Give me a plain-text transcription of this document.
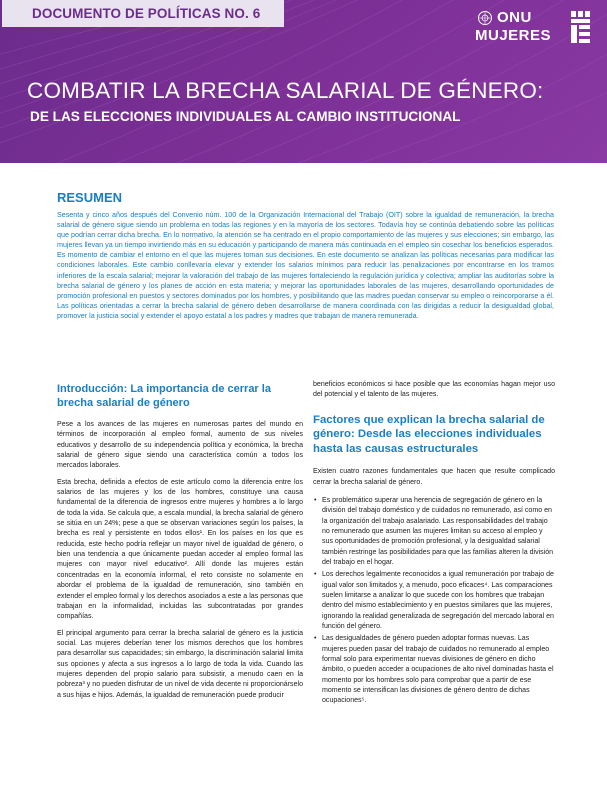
DOCUMENTO DE POLÍTICAS NO. 6	ONU
MUJERES
COMBATIR LA BRECHA SALARIAL DE GÉNERO:
DE LAS ELECCIONES INDIVIDUALES AL CAMBIO INSTITUCIONAL
RESUMEN

Sesenta y cinco años después del Convenio núm. 100 de la Organización Internacional del Trabajo (OIT) sobre la igualdad de remuneración, la brecha salarial de género sigue siendo un problema en todas las regiones y en la mayoría de los sectores. Todavía hoy se continúa debatiendo sobre las políticas que podrían cerrar dicha brecha. En lo normativo, la atención se ha centrado en el propio comportamiento de las mujeres y sus elecciones; sin embargo, las mujeres llevan ya un tiempo invirtiendo más en su educación y participando de manera más continuada en el empleo sin cosechar los beneficios esperados. Es momento de cambiar el entorno en el que las mujeres toman sus decisiones. En este documento se analizan las políticas necesarias para modificar las condiciones laborales. Este cambio conllevaría elevar y extender los salarios mínimos para reducir las penalizaciones por encontrarse en los tramos inferiores de la escala salarial; mejorar la valoración del trabajo de las mujeres fortaleciendo la regulación jurídica y colectiva; ampliar las auditorías sobre la brecha salarial de género y los planes de acción en esta materia; y mejorar las oportunidades laborales de las mujeres, desarrollando oportunidades de promoción profesional en puestos y sectores dominados por los hombres, y posibilitando que las madres puedan conservar su empleo o reincorporarse a él. Las políticas orientadas a cerrar la brecha salarial de género deben desarrollarse de manera coordinada con las dirigidas a reducir la desigualdad global, promover la justicia social y extender el apoyo estatal a los padres y madres que trabajan de manera remunerada.

Introducción: La importancia de cerrar la brecha salarial de género

Pese a los avances de las mujeres en numerosas partes del mundo en términos de incorporación al empleo formal, aumento de sus niveles educativos y desarrollo de su independencia política y económica, la brecha salarial de género sigue siendo una característica común a todos los mercados laborales.

Esta brecha, definida a efectos de este artículo como la diferencia entre los salarios de las mujeres y los de los hombres, constituye una causa fundamental de la diferencia de ingresos entre mujeres y hombres a lo largo de toda la vida. Se calcula que, a escala mundial, la brecha salarial de género se sitúa en un 24%; pese a que se observan variaciones según los países, la brecha es real y persistente en todos ellos¹. En los países en los que es reducida, este hecho podría reflejar un mayor nivel de igualdad de género, o bien una tendencia a que únicamente puedan acceder al empleo formal las mujeres con mayor nivel educativo². Allí donde las mujeres están concentradas en la economía informal, el reto consiste no solamente en abordar el problema de la igualdad de remuneración, sino también en extender el empleo formal y los derechos asociados a este a las personas que trabajan en la informalidad, incluidas las subcontratadas por grandes compañías.

El principal argumento para cerrar la brecha salarial de género es la justicia social. Las mujeres deberían tener los mismos derechos que los hombres para desarrollar sus capacidades; sin embargo, la discriminación salarial limita sus opciones y afecta a sus ingresos a lo largo de toda la vida. Cuando las mujeres dependen del propio salario para subsistir, a menudo caen en la pobreza³ y no pueden disfrutar de un nivel de vida decente ni proporcionárselo a sus hijas e hijos. Además, la igualdad de remuneración puede producir

beneficios económicos si hace posible que las economías hagan mejor uso del potencial y el talento de las mujeres.

Factores que explican la brecha salarial de género: Desde las elecciones individuales hasta las causas estructurales

Existen cuatro razones fundamentales que hacen que resulte complicado cerrar la brecha salarial de género.

• Es problemático superar una herencia de segregación de género en la división del trabajo doméstico y de cuidados no remunerado, así como en la organización del trabajo asalariado. Las responsabilidades del trabajo no remunerado que asumen las mujeres limitan su acceso al empleo y sus oportunidades de promoción profesional, y la desigualdad salarial también restringe las posibilidades para que las familias alteren la división del trabajo en el hogar.
• Los derechos legalmente reconocidos a igual remuneración por trabajo de igual valor son limitados y, a menudo, poco eficaces⁴. Las comparaciones suelen limitarse a analizar lo que sucede con los hombres que trabajan dentro del mismo establecimiento y en puestos similares que las mujeres, ignorando la realidad generalizada de segregación del mercado laboral en función del género.
• Las desigualdades de género pueden adoptar formas nuevas. Las mujeres pueden pasar del trabajo de cuidados no remunerado al empleo formal solo para experimentar nuevas divisiones de género en dicho ámbito, o pueden acceder a ocupaciones de alto nivel dominadas hasta el momento por los hombres solo para comprobar que a partir de ese momento se intensifican las divisiones de género dentro de dichas ocupaciones⁵.
